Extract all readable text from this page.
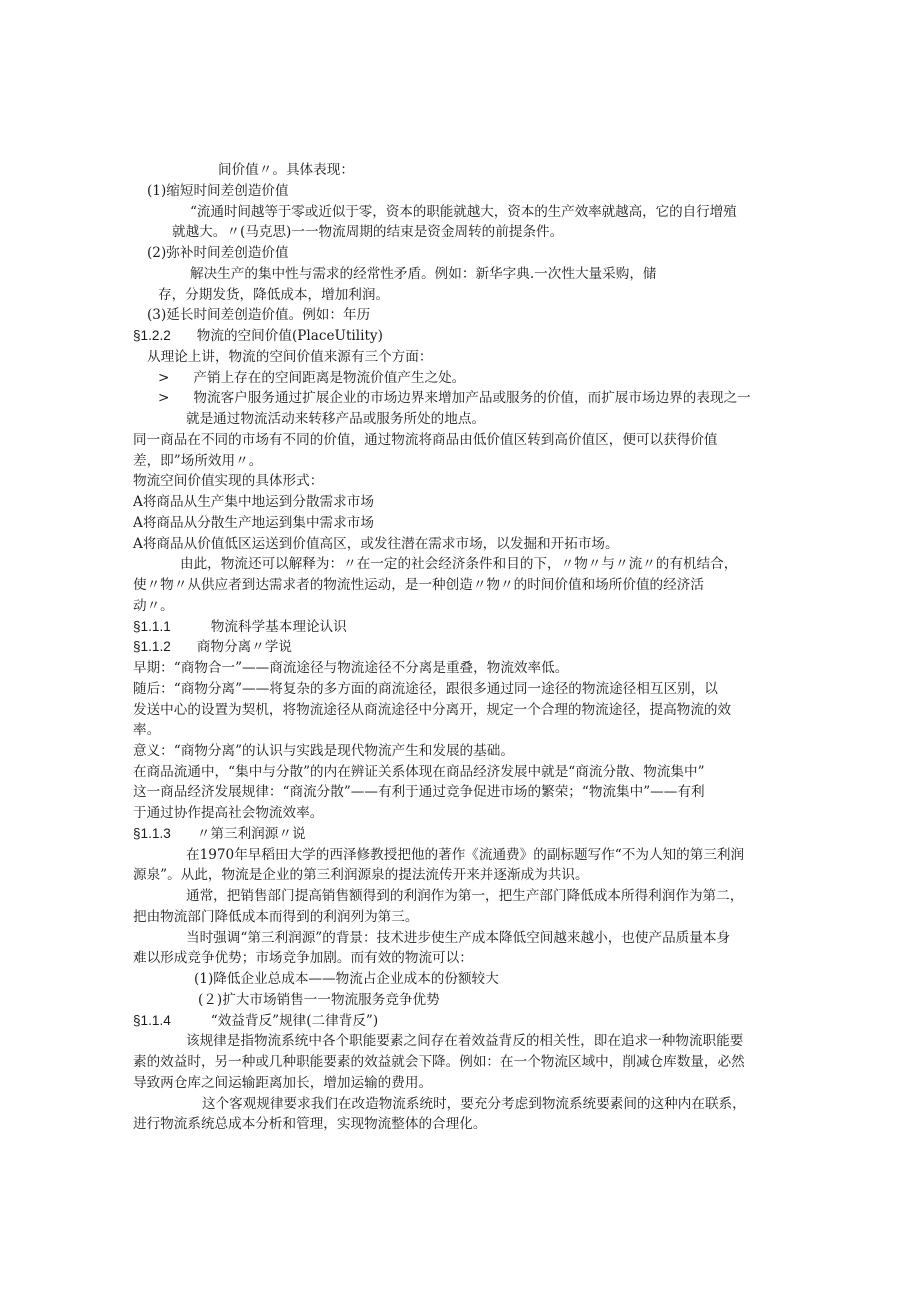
间价值〃。具体表现：
(1)缩短时间差创造价值
“流通时间越等于零或近似于零，资本的职能就越大，资本的生产效率就越高，它的自行增殖
就越大。〃(马克思)一一物流周期的结束是资金周转的前提条件。
(2)弥补时间差创造价值
解决生产的集中性与需求的经常性矛盾。例如：新华字典.一次性大量采购，储
存，分期发货，降低成本，增加利润。
(3)延长时间差创造价值。例如：年历
§1.2.2 物流的空间价值(PlaceUtility)
从理论上讲，物流的空间价值来源有三个方面：
> 产销上存在的空间距离是物流价值产生之处。
> 物流客户服务通过扩展企业的市场边界来增加产品或服务的价值，而扩展市场边界的表现之一
就是通过物流活动来转移产品或服务所处的地点。
同一商品在不同的市场有不同的价值，通过物流将商品由低价值区转到高价值区，便可以获得价值
差，即”场所效用〃。
物流空间价值实现的具体形式：
A将商品从生产集中地运到分散需求市场
A将商品从分散生产地运到集中需求市场
A将商品从价值低区运送到价值高区，或发往潜在需求市场，以发掘和开拓市场。
由此，物流还可以解释为：〃在一定的社会经济条件和目的下，〃物〃与〃流〃的有机结合，
使〃物〃从供应者到达需求者的物流性运动，是一种创造〃物〃的时间价值和场所价值的经济活
动〃。
§1.1.1	物流科学基本理论认识
§1.1.2 商物分离〃学说
早期：“商物合一”——商流途径与物流途径不分离是重叠，物流效率低。
随后：“商物分离”——将复杂的多方面的商流途径，跟很多通过同一途径的物流途径相互区别，以
发送中心的设置为契机，将物流途径从商流途径中分离开，规定一个合理的物流途径，提高物流的效
率。
意义：“商物分离”的认识与实践是现代物流产生和发展的基础。
在商品流通中，“集中与分散”的内在辨证关系体现在商品经济发展中就是“商流分散、物流集中”
这一商品经济发展规律：“商流分散”——有利于通过竞争促进市场的繁荣；“物流集中”——有利
于通过协作提高社会物流效率。
§1.1.3 〃第三利润源〃说
在1970年早稻田大学的西泽修教授把他的著作《流通费》的副标题写作“不为人知的第三利润
源泉”。从此，物流是企业的第三利润源泉的提法流传开来并逐渐成为共识。
通常，把销售部门提高销售额得到的利润作为第一，把生产部门降低成本所得利润作为第二，
把由物流部门降低成本而得到的利润列为第三。
当时强调“第三利润源”的背景：技术进步使生产成本降低空间越来越小，也使产品质量本身
难以形成竞争优势；市场竞争加剧。而有效的物流可以：
(1)降低企业总成本——物流占企业成本的份额较大
(２)扩大市场销售一一物流服务竞争优势
§1.1.4	“效益背反”规律(二律背反”)
该规律是指物流系统中各个职能要素之间存在着效益背反的相关性，即在追求一种物流职能要
素的效益时，另一种或几种职能要素的效益就会下降。例如：在一个物流区域中，削减仓库数量，必然
导致两仓库之间运输距离加长，增加运输的费用。
这个客观规律要求我们在改造物流系统时，要充分考虑到物流系统要素间的这种内在联系，
进行物流系统总成本分析和管理，实现物流整体的合理化。
